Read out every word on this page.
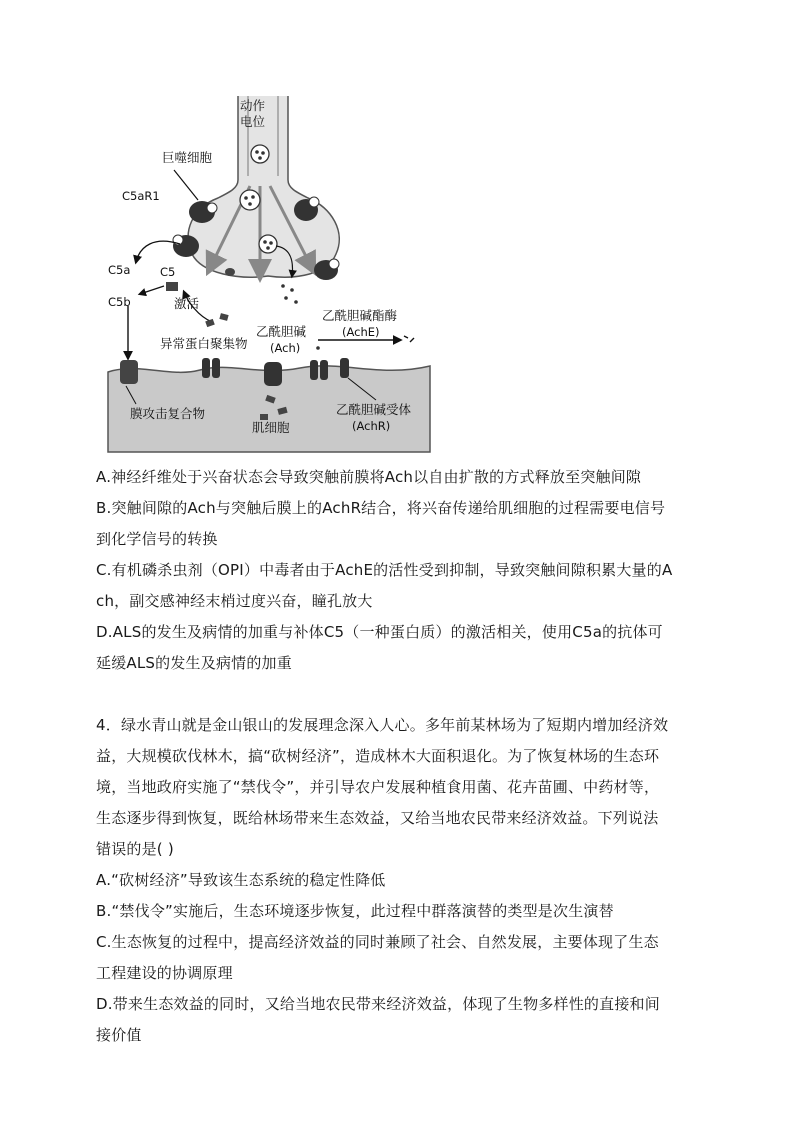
动作
电位
巨噬细胞
C5aR1
C5a	C5
C5b	激活
异常蛋白聚集物
乙酰胆碱
(Ach)
乙酰胆碱酯酶
(AchE)
膜攻击复合物
肌细胞
乙酰胆碱受体
(AchR)
A.神经纤维处于兴奋状态会导致突触前膜将Ach以自由扩散的方式释放至突触间隙
B.突触间隙的Ach与突触后膜上的AchR结合，将兴奋传递给肌细胞的过程需要电信号
到化学信号的转换
C.有机磷杀虫剂（OPI）中毒者由于AchE的活性受到抑制，导致突触间隙积累大量的A
ch，副交感神经末梢过度兴奋，瞳孔放大
D.ALS的发生及病情的加重与补体C5（一种蛋白质）的激活相关，使用C5a的抗体可
延缓ALS的发生及病情的加重
4．绿水青山就是金山银山的发展理念深入人心。多年前某林场为了短期内增加经济效
益，大规模砍伐林木，搞“砍树经济”，造成林木大面积退化。为了恢复林场的生态环
境，当地政府实施了“禁伐令”，并引导农户发展种植食用菌、花卉苗圃、中药材等，
生态逐步得到恢复，既给林场带来生态效益，又给当地农民带来经济效益。下列说法
错误的是( )
A.“砍树经济”导致该生态系统的稳定性降低
B.“禁伐令”实施后，生态环境逐步恢复，此过程中群落演替的类型是次生演替
C.生态恢复的过程中，提高经济效益的同时兼顾了社会、自然发展，主要体现了生态
工程建设的协调原理
D.带来生态效益的同时，又给当地农民带来经济效益，体现了生物多样性的直接和间
接价值
